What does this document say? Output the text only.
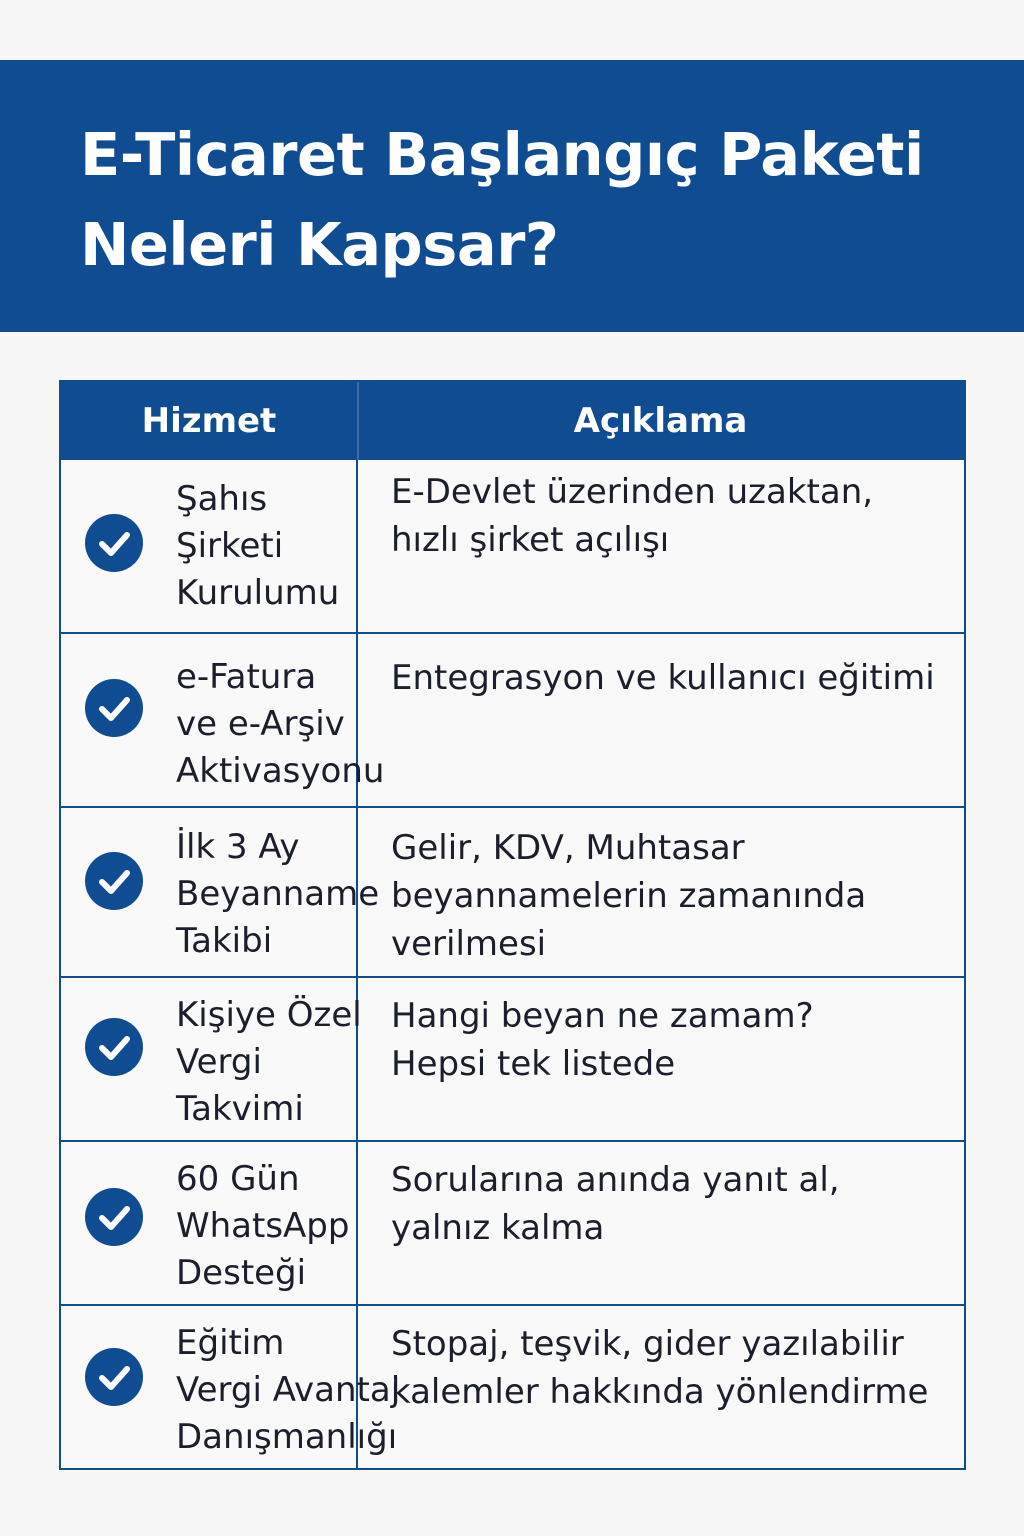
E-Ticaret Başlangıç Paketi
Neleri Kapsar?
Hizmet	Açıklama
Şahıs
Şirketi
Kurulumu
E-Devlet üzerinden uzaktan,
hızlı şirket açılışı
e-Fatura
ve e-Arşiv
Aktivasyonu
Entegrasyon ve kullanıcı eğitimi
İlk 3 Ay
Beyanname
Takibi
Gelir, KDV, Muhtasar
beyannamelerin zamanında
verilmesi
Kişiye Özel
Vergi
Takvimi
Hangi beyan ne zamam?
Hepsi tek listede
60 Gün
WhatsApp
Desteği
Sorularına anında yanıt al,
yalnız kalma
Eğitim
Vergi Avantaj
Danışmanlığı
Stopaj, teşvik, gider yazılabilir
kalemler hakkında yönlendirme
